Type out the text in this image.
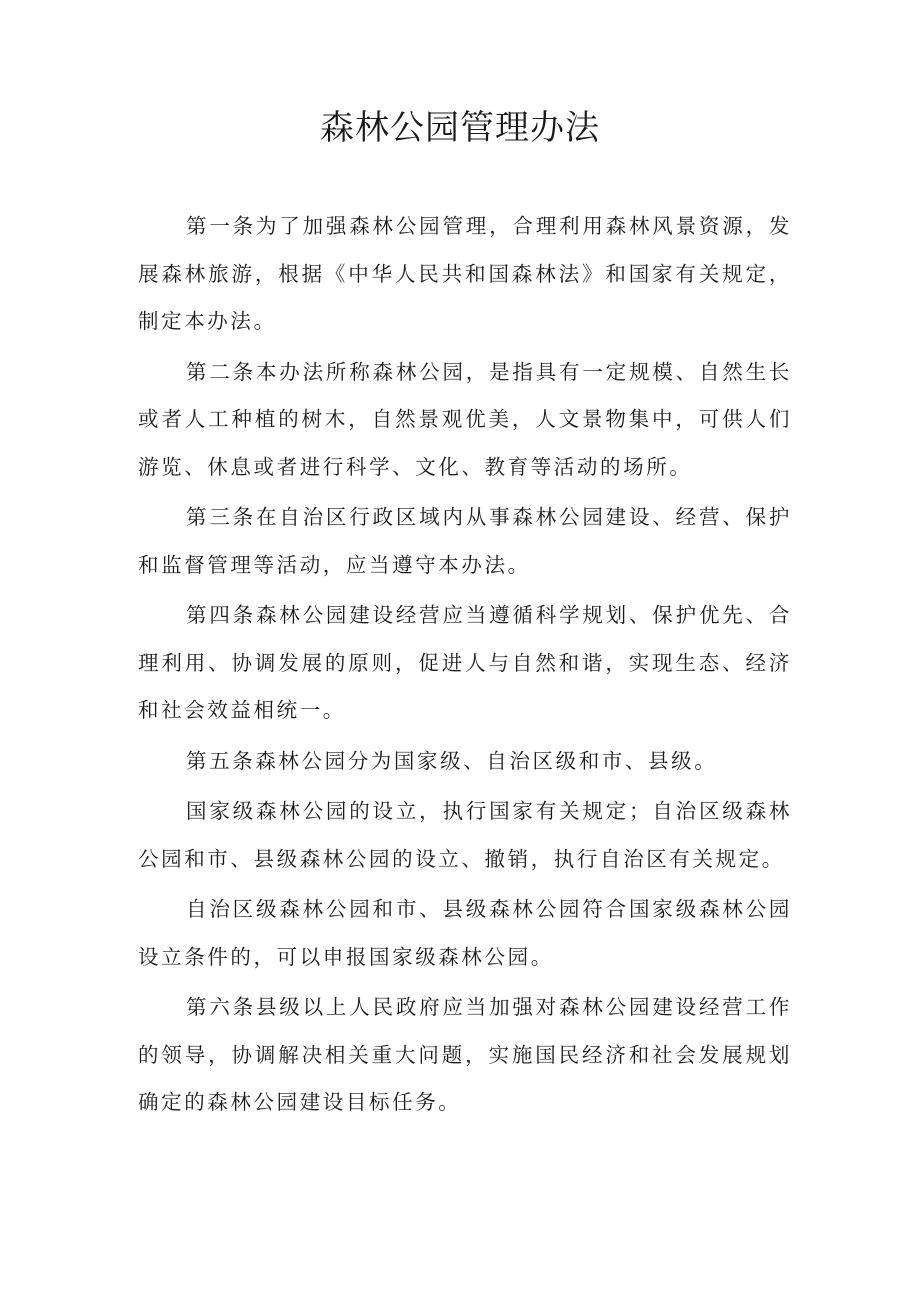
森林公园管理办法

第一条为了加强森林公园管理，合理利用森林风景资源，发展森林旅游，根据《中华人民共和国森林法》和国家有关规定，制定本办法。

第二条本办法所称森林公园，是指具有一定规模、自然生长或者人工种植的树木，自然景观优美，人文景物集中，可供人们游览、休息或者进行科学、文化、教育等活动的场所。

第三条在自治区行政区域内从事森林公园建设、经营、保护和监督管理等活动，应当遵守本办法。

第四条森林公园建设经营应当遵循科学规划、保护优先、合理利用、协调发展的原则，促进人与自然和谐，实现生态、经济和社会效益相统一。

第五条森林公园分为国家级、自治区级和市、县级。

国家级森林公园的设立，执行国家有关规定；自治区级森林公园和市、县级森林公园的设立、撤销，执行自治区有关规定。

自治区级森林公园和市、县级森林公园符合国家级森林公园设立条件的，可以申报国家级森林公园。

第六条县级以上人民政府应当加强对森林公园建设经营工作的领导，协调解决相关重大问题，实施国民经济和社会发展规划确定的森林公园建设目标任务。
